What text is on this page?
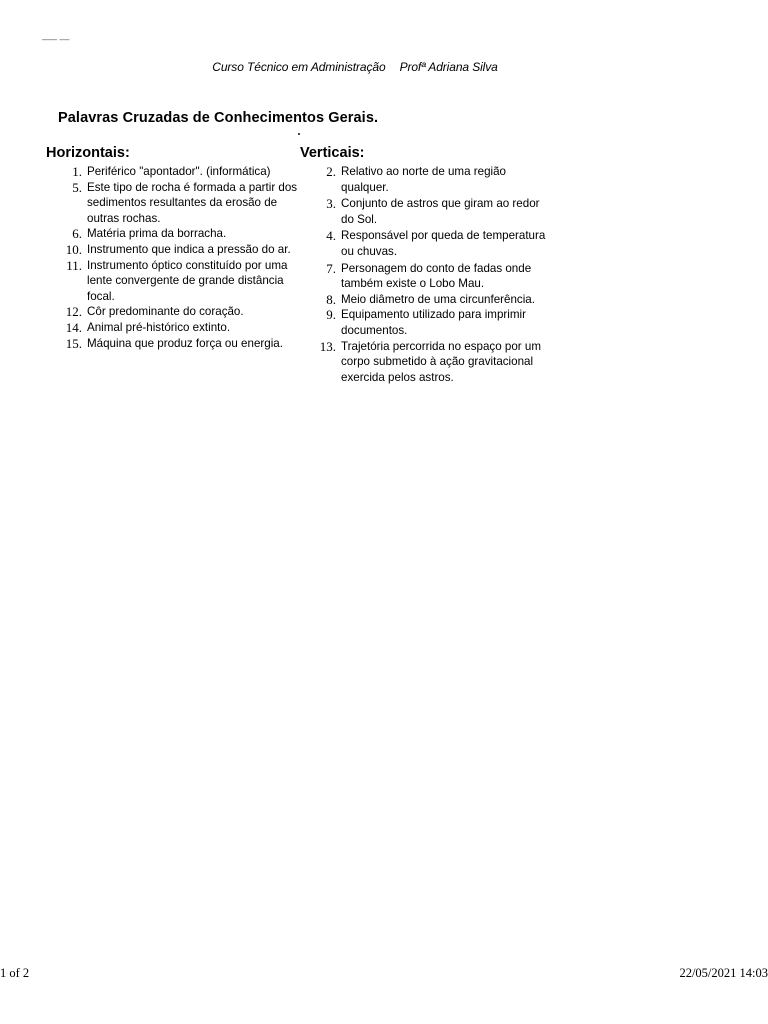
––– ––
Curso Técnico em Administração Profª Adriana Silva
Palavras Cruzadas de Conhecimentos Gerais.
Horizontais:
1. Periférico "apontador". (informática)
5. Este tipo de rocha é formada a partir dos sedimentos resultantes da erosão de outras rochas.
6. Matéria prima da borracha.
10. Instrumento que indica a pressão do ar.
11. Instrumento óptico constituído por uma lente convergente de grande distância focal.
12. Côr predominante do coração.
14. Animal pré-histórico extinto.
15. Máquina que produz força ou energia.
Verticais:
2. Relativo ao norte de uma região qualquer.
3. Conjunto de astros que giram ao redor do Sol.
4. Responsável por queda de temperatura ou chuvas.
7. Personagem do conto de fadas onde também existe o Lobo Mau.
8. Meio diâmetro de uma circunferência.
9. Equipamento utilizado para imprimir documentos.
13. Trajetória percorrida no espaço por um corpo submetido à ação gravitacional exercida pelos astros.
1 of 2	22/05/2021 14:03
